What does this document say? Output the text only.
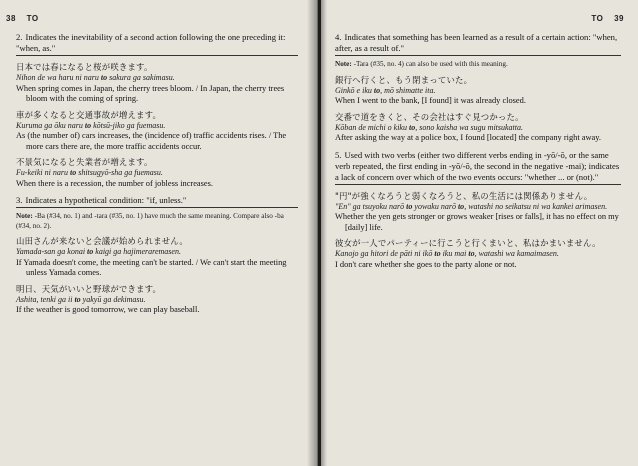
38 TO
2. Indicates the inevitability of a second action following the one preceding it: "when, as."
日本では春になると桜が咲きます。
Nihon de wa haru ni naru to sakura ga sakimasu.
When spring comes in Japan, the cherry trees bloom. / In Japan, the cherry trees bloom with the coming of spring.
車が多くなると交通事故が増えます。
Kuruma ga ōku naru to kōtsū-jiko ga fuemasu.
As (the number of) cars increases, the (incidence of) traffic accidents rises. / The more cars there are, the more traffic accidents occur.
不景気になると失業者が増えます。
Fu-keiki ni naru to shitsugyō-sha ga fuemasu.
When there is a recession, the number of jobless increases.
3. Indicates a hypothetical condition: "if, unless."
Note: -Ba (#34, no. 1) and -tara (#35, no. 1) have much the same meaning. Compare also -ba (#34, no. 2).
山田さんが来ないと会議が始められません。
Yamada-san ga konai to kaigi ga hajimeraremasen.
If Yamada doesn't come, the meeting can't be started. / We can't start the meeting unless Yamada comes.
明日、天気がいいと野球ができます。
Ashita, tenki ga ii to yakyū ga dekimasu.
If the weather is good tomorrow, we can play baseball.
TO 39
4. Indicates that something has been learned as a result of a certain action: "when, after, as a result of."
Note: -Tara (#35, no. 4) can also be used with this meaning.
銀行へ行くと、もう閉まっていた。
Ginkō e iku to, mō shimatte ita.
When I went to the bank, [I found] it was already closed.
交番で道をきくと、その会社はすぐ見つかった。
Kōban de michi o kiku to, sono kaisha wa sugu mitsukatta.
After asking the way at a police box, I found [located] the company right away.
5. Used with two verbs (either two different verbs ending in -yō/-ō, or the same verb repeated, the first ending in -yō/-ō, the second in the negative -mai); indicates a lack of concern over which of the two events occurs: "whether ... or (not)."
"円"が強くなろうと弱くなろうと、私の生活には関係ありません。
"En" ga tsuyoku narō to yowaku narō to, watashi no seikatsu ni wa kankei arimasen.
Whether the yen gets stronger or grows weaker [rises or falls], it has no effect on my [daily] life.
彼女が一人でパーティーに行こうと行くまいと、私はかまいません。
Kanojo ga hitori de pāti ni ikō to iku mai to, watashi wa kamaimasen.
I don't care whether she goes to the party alone or not.
